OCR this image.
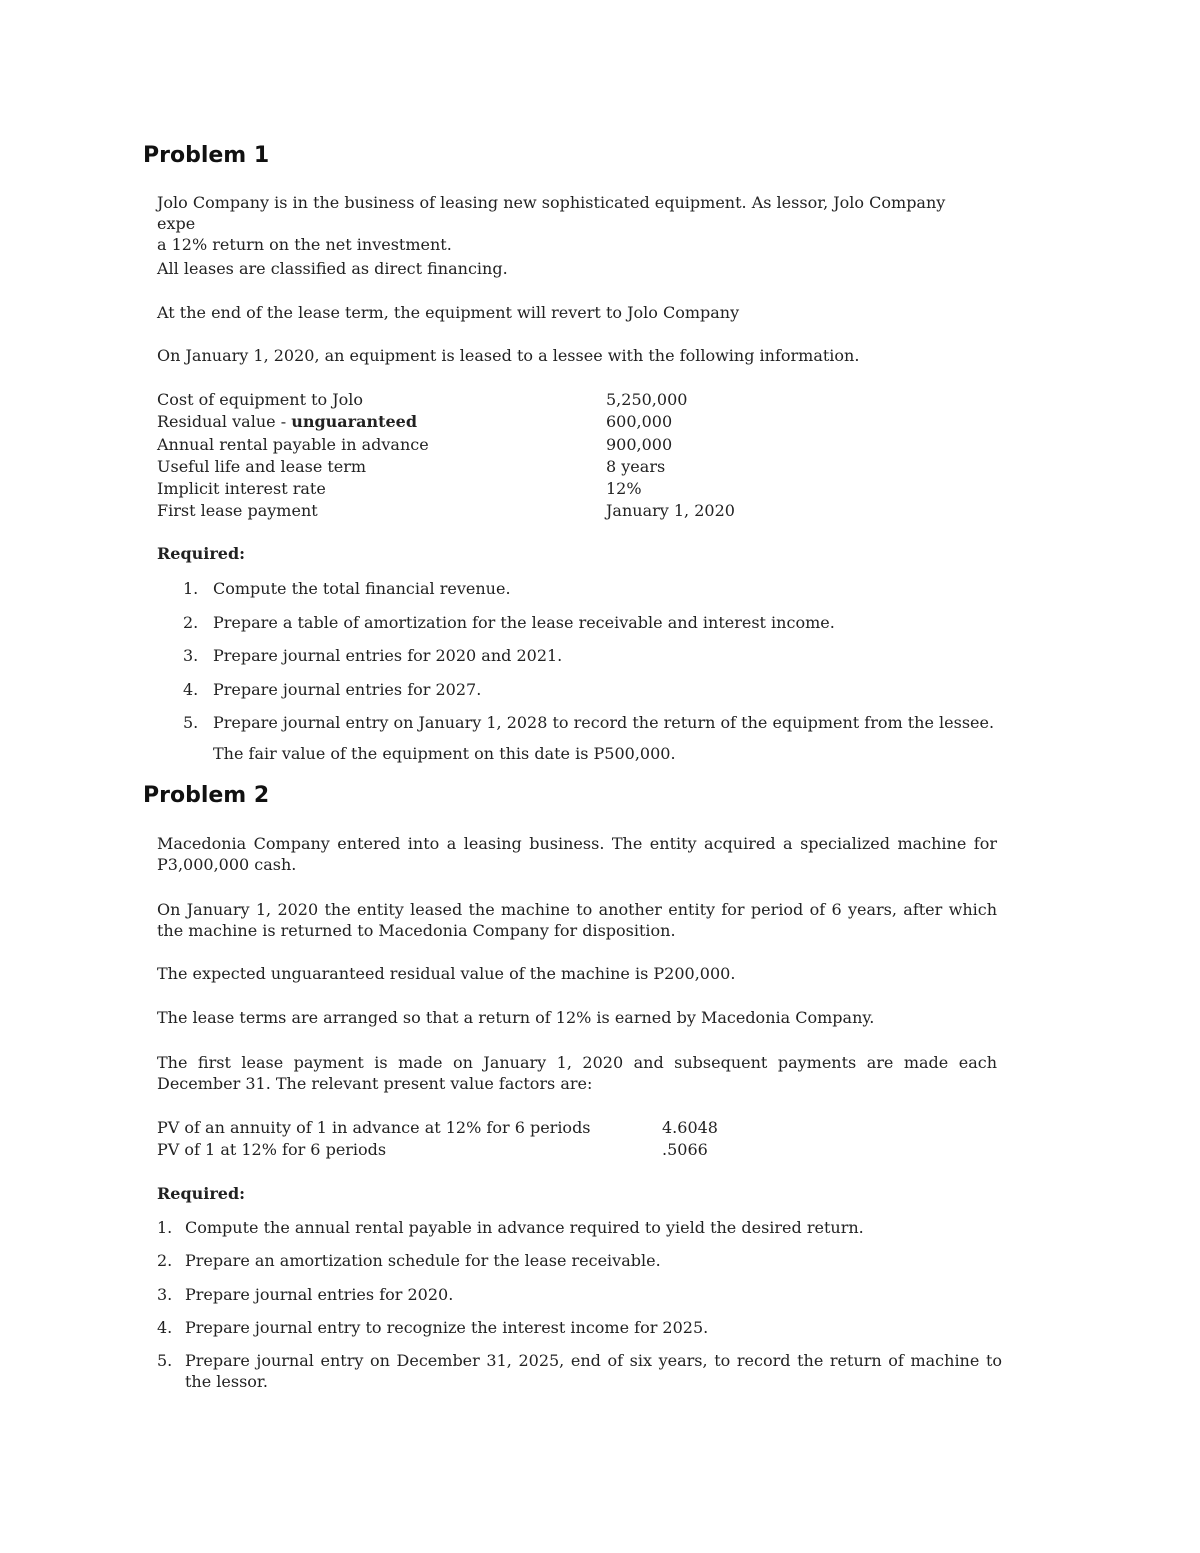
Problem 1

Jolo Company is in the business of leasing new sophisticated equipment. As lessor, Jolo Company expe
a 12% return on the net investment.

All leases are classified as direct financing.

At the end of the lease term, the equipment will revert to Jolo Company

On January 1, 2020, an equipment is leased to a lessee with the following information.

Cost of equipment to Jolo	5,250,000
Residual value - unguaranteed	600,000
Annual rental payable in advance	900,000
Useful life and lease term	8 years
Implicit interest rate	12%
First lease payment	January 1, 2020

Required:

1. Compute the total financial revenue.
2. Prepare a table of amortization for the lease receivable and interest income.
3. Prepare journal entries for 2020 and 2021.
4. Prepare journal entries for 2027.
5. Prepare journal entry on January 1, 2028 to record the return of the equipment from the lessee.
The fair value of the equipment on this date is P500,000.
Problem 2

Macedonia Company entered into a leasing business. The entity acquired a specialized machine for P3,000,000 cash.

On January 1, 2020 the entity leased the machine to another entity for period of 6 years, after which the machine is returned to Macedonia Company for disposition.

The expected unguaranteed residual value of the machine is P200,000.

The lease terms are arranged so that a return of 12% is earned by Macedonia Company.

The first lease payment is made on January 1, 2020 and subsequent payments are made each December 31. The relevant present value factors are:

PV of an annuity of 1 in advance at 12% for 6 periods	4.6048
PV of 1 at 12% for 6 periods	.5066

Required:

1. Compute the annual rental payable in advance required to yield the desired return.
2. Prepare an amortization schedule for the lease receivable.
3. Prepare journal entries for 2020.
4. Prepare journal entry to recognize the interest income for 2025.
5. Prepare journal entry on December 31, 2025, end of six years, to record the return of machine to the lessor.
